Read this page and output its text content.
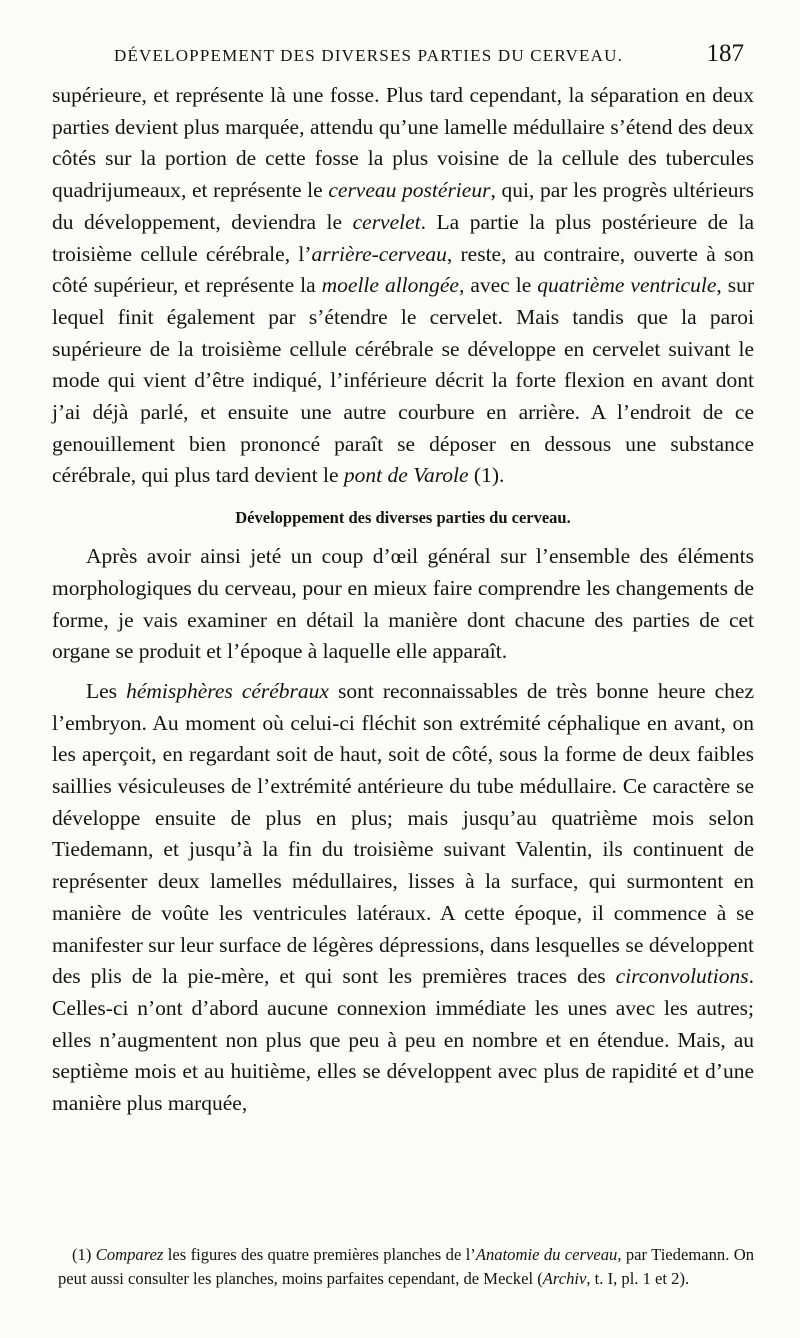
DÉVELOPPEMENT DES DIVERSES PARTIES DU CERVEAU.	187

supérieure, et représente là une fosse. Plus tard cependant, la séparation en deux parties devient plus marquée, attendu qu’une lamelle médullaire s’étend des deux côtés sur la portion de cette fosse la plus voisine de la cellule des tubercules quadrijumeaux, et représente le cerveau postérieur, qui, par les progrès ultérieurs du développement, deviendra le cervelet. La partie la plus postérieure de la troisième cellule cérébrale, l’arrière-cerveau, reste, au contraire, ouverte à son côté supérieur, et représente la moelle allongée, avec le quatrième ventricule, sur lequel finit également par s’étendre le cervelet. Mais tandis que la paroi supérieure de la troisième cellule cérébrale se développe en cervelet suivant le mode qui vient d’être indiqué, l’inférieure décrit la forte flexion en avant dont j’ai déjà parlé, et ensuite une autre courbure en arrière. A l’endroit de ce genouillement bien prononcé paraît se déposer en dessous une substance cérébrale, qui plus tard devient le pont de Varole (1).

Développement des diverses parties du cerveau.

Après avoir ainsi jeté un coup d’œil général sur l’ensemble des éléments morphologiques du cerveau, pour en mieux faire comprendre les changements de forme, je vais examiner en détail la manière dont chacune des parties de cet organe se produit et l’époque à laquelle elle apparaît.

Les hémisphères cérébraux sont reconnaissables de très bonne heure chez l’embryon. Au moment où celui-ci fléchit son extrémité céphalique en avant, on les aperçoit, en regardant soit de haut, soit de côté, sous la forme de deux faibles saillies vésiculeuses de l’extrémité antérieure du tube médullaire. Ce caractère se développe ensuite de plus en plus; mais jusqu’au quatrième mois selon Tiedemann, et jusqu’à la fin du troisième suivant Valentin, ils continuent de représenter deux lamelles médullaires, lisses à la surface, qui surmontent en manière de voûte les ventricules latéraux. A cette époque, il commence à se manifester sur leur surface de légères dépressions, dans lesquelles se développent des plis de la pie-mère, et qui sont les premières traces des circonvolutions. Celles-ci n’ont d’abord aucune connexion immédiate les unes avec les autres; elles n’augmentent non plus que peu à peu en nombre et en étendue. Mais, au septième mois et au huitième, elles se développent avec plus de rapidité et d’une manière plus marquée,

(1) Comparez les figures des quatre premières planches de l’Anatomie du cerveau, par Tiedemann. On peut aussi consulter les planches, moins parfaites cependant, de Meckel (Archiv, t. I, pl. 1 et 2).
